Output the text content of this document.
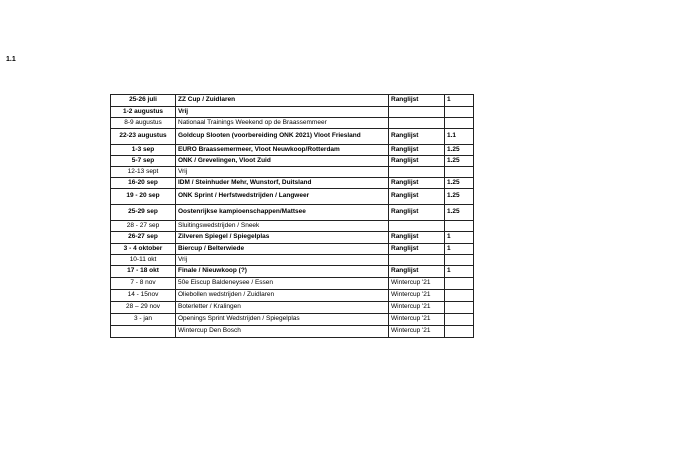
1.1
25-26 juli	ZZ Cup / Zuidlaren	Ranglijst	1
1-2 augustus	Vrij		
8-9 augustus	Nationaal Trainings Weekend op de Braassemmeer		
22-23 augustus	Goldcup Slooten (voorbereiding ONK 2021) Vloot Friesland	Ranglijst	1.1
1-3 sep	EURO Braassemermeer, Vloot Neuwkoop/Rotterdam	Ranglijst	1.25
5-7 sep	ONK / Grevelingen, Vloot Zuid	Ranglijst	1.25
12-13 sept	Vrij		
16-20 sep	IDM / Steinhuder Mehr, Wunstorf, Duitsland	Ranglijst	1.25
19 - 20 sep	ONK Sprint / Herfstwedstrijden / Langweer	Ranglijst	1.25
25-29 sep	Oostenrijkse kampioenschappen/Mattsee	Ranglijst	1.25
28 - 27 sep	Sluitingswedstrijden / Sneek		
26-27 sep	Zilveren Spiegel / Spiegelplas	Ranglijst	1
3 - 4 oktober	Biercup / Belterwiede	Ranglijst	1
10-11 okt	Vrij		
17 - 18 okt	Finale / Nieuwkoop (?)	Ranglijst	1
7 - 8 nov	50e Eiscup Baldeneysee / Essen	Wintercup '21	
14 - 15nov	Oliebollen wedstrijden / Zuidlaren	Wintercup '21	
28 – 29 nov	Boterletter / Kralingen	Wintercup '21	
3 - jan	Openings Sprint Wedstrijden / Spiegelplas	Wintercup '21	
	Wintercup Den Bosch	Wintercup '21	
